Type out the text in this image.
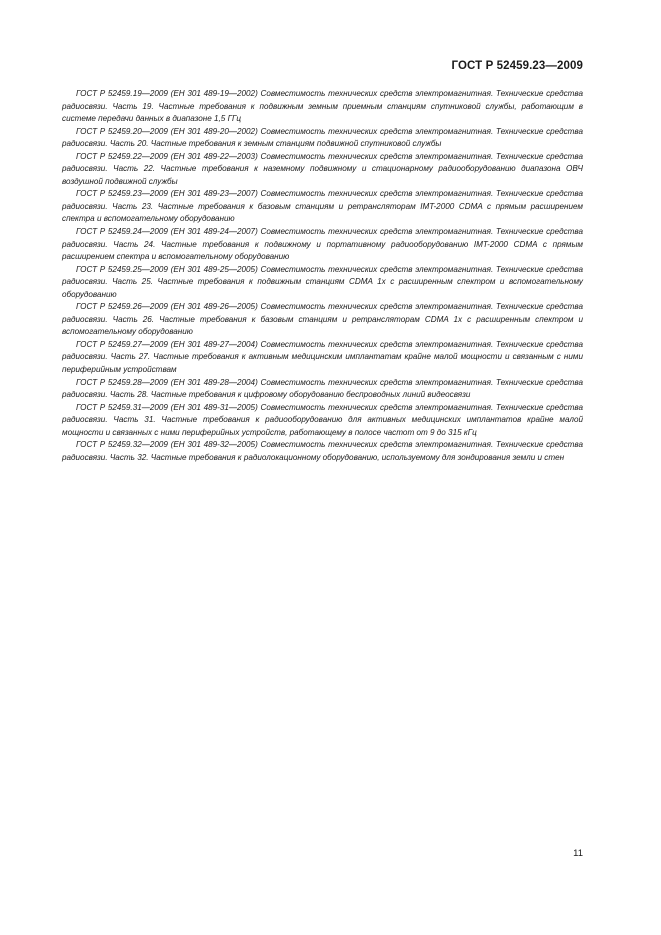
ГОСТ Р 52459.23—2009
ГОСТ Р 52459.19—2009 (ЕН 301 489-19—2002) Совместимость технических средств электромагнитная. Технические средства радиосвязи. Часть 19. Частные требования к подвижным земным приемным станциям спутниковой службы, работающим в системе передачи данных в диапазоне 1,5 ГГц
ГОСТ Р 52459.20—2009 (ЕН 301 489-20—2002) Совместимость технических средств электромагнитная. Технические средства радиосвязи. Часть 20. Частные требования к земным станциям подвижной спутниковой службы
ГОСТ Р 52459.22—2009 (ЕН 301 489-22—2003) Совместимость технических средств электромагнитная. Технические средства радиосвязи. Часть 22. Частные требования к наземному подвижному и стационарному радиооборудованию диапазона ОВЧ воздушной подвижной службы
ГОСТ Р 52459.23—2009 (ЕН 301 489-23—2007) Совместимость технических средств электромагнитная. Технические средства радиосвязи. Часть 23. Частные требования к базовым станциям и ретрансляторам IMT-2000 CDMA с прямым расширением спектра и вспомогательному оборудованию
ГОСТ Р 52459.24—2009 (ЕН 301 489-24—2007) Совместимость технических средств электромагнитная. Технические средства радиосвязи. Часть 24. Частные требования к подвижному и портативному радиооборудованию IMT-2000 CDMA с прямым расширением спектра и вспомогательному оборудованию
ГОСТ Р 52459.25—2009 (ЕН 301 489-25—2005) Совместимость технических средств электромагнитная. Технические средства радиосвязи. Часть 25. Частные требования к подвижным станциям CDMA 1x с расширенным спектром и вспомогательному оборудованию
ГОСТ Р 52459.26—2009 (ЕН 301 489-26—2005) Совместимость технических средств электромагнитная. Технические средства радиосвязи. Часть 26. Частные требования к базовым станциям и ретрансляторам CDMA 1x с расширенным спектром и вспомогательному оборудованию
ГОСТ Р 52459.27—2009 (ЕН 301 489-27—2004) Совместимость технических средств электромагнитная. Технические средства радиосвязи. Часть 27. Частные требования к активным медицинским имплантатам крайне малой мощности и связанным с ними периферийным устройствам
ГОСТ Р 52459.28—2009 (ЕН 301 489-28—2004) Совместимость технических средств электромагнитная. Технические средства радиосвязи. Часть 28. Частные требования к цифровому оборудованию беспроводных линий видеосвязи
ГОСТ Р 52459.31—2009 (ЕН 301 489-31—2005) Совместимость технических средств электромагнитная. Технические средства радиосвязи. Часть 31. Частные требования к радиооборудованию для активных медицинских имплантатов крайне малой мощности и связанных с ними периферийных устройств, работающему в полосе частот от 9 до 315 кГц
ГОСТ Р 52459.32—2009 (ЕН 301 489-32—2005) Совместимость технических средств электромагнитная. Технические средства радиосвязи. Часть 32. Частные требования к радиолокационному оборудованию, используемому для зондирования земли и стен
11
